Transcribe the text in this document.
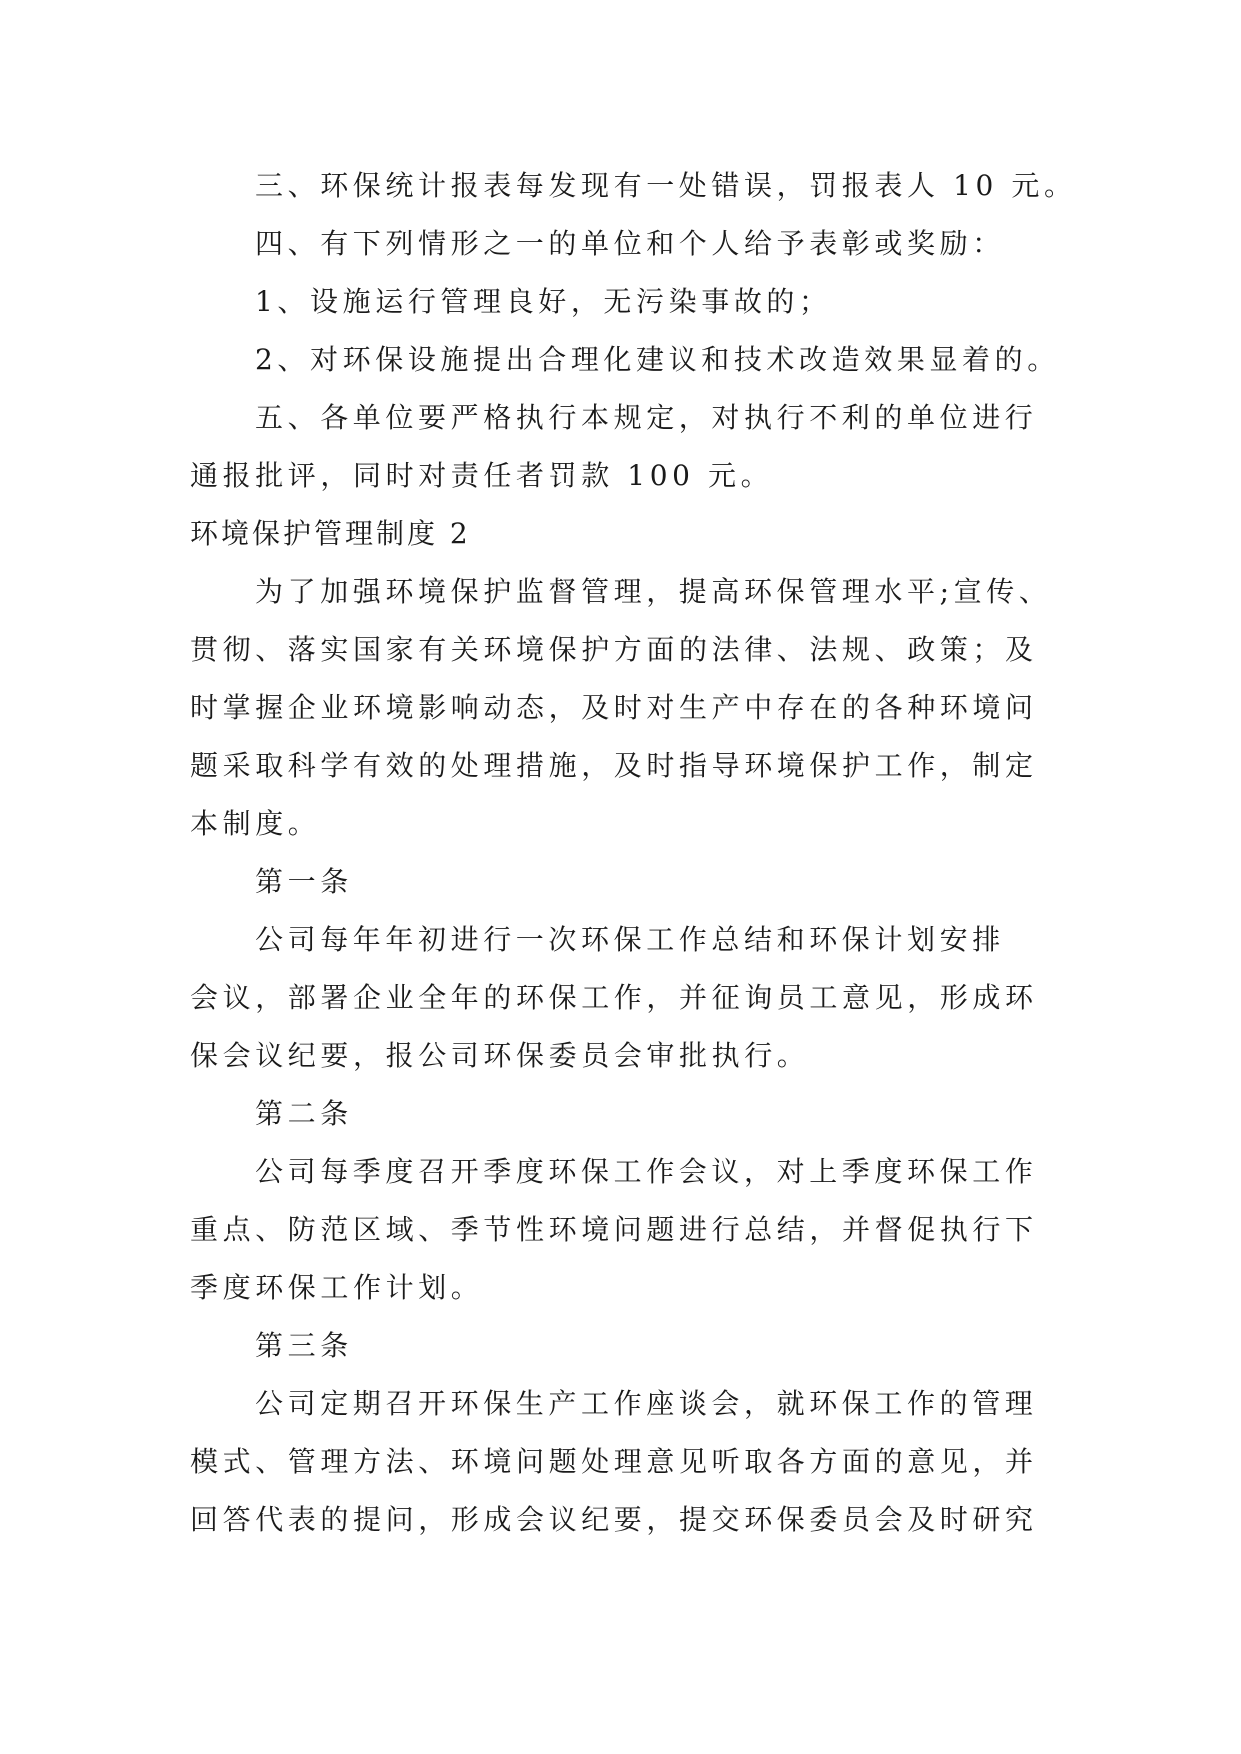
三、环保统计报表每发现有一处错误，罚报表人 10 元。
四、有下列情形之一的单位和个人给予表彰或奖励：
1、设施运行管理良好，无污染事故的；
2、对环保设施提出合理化建议和技术改造效果显着的。
五、各单位要严格执行本规定，对执行不利的单位进行
通报批评，同时对责任者罚款 100 元。
环境保护管理制度 2
为了加强环境保护监督管理，提高环保管理水平;宣传、
贯彻、落实国家有关环境保护方面的法律、法规、政策；及
时掌握企业环境影响动态，及时对生产中存在的各种环境问
题采取科学有效的处理措施，及时指导环境保护工作，制定
本制度。
第一条
公司每年年初进行一次环保工作总结和环保计划安排
会议，部署企业全年的环保工作，并征询员工意见，形成环
保会议纪要，报公司环保委员会审批执行。
第二条
公司每季度召开季度环保工作会议，对上季度环保工作
重点、防范区域、季节性环境问题进行总结，并督促执行下
季度环保工作计划。
第三条
公司定期召开环保生产工作座谈会，就环保工作的管理
模式、管理方法、环境问题处理意见听取各方面的意见，并
回答代表的提问，形成会议纪要，提交环保委员会及时研究
